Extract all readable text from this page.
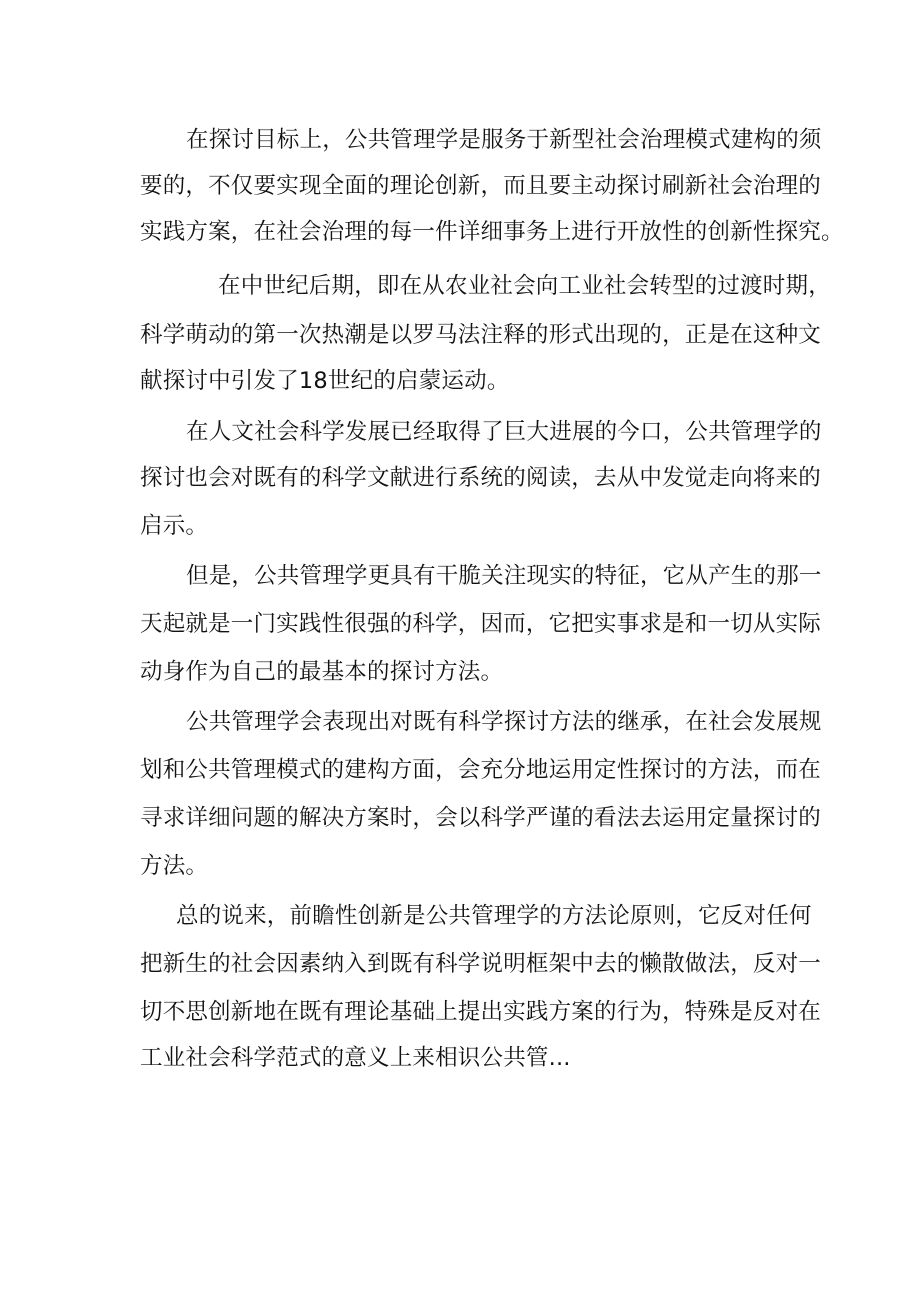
在探讨目标上，公共管理学是服务于新型社会治理模式建构的须
要的，不仅要实现全面的理论创新，而且要主动探讨刷新社会治理的
实践方案，在社会治理的每一件详细事务上进行开放性的创新性探究。
在中世纪后期，即在从农业社会向工业社会转型的过渡时期，
科学萌动的第一次热潮是以罗马法注释的形式出现的，正是在这种文
献探讨中引发了18世纪的启蒙运动。
在人文社会科学发展已经取得了巨大进展的今口，公共管理学的
探讨也会对既有的科学文献进行系统的阅读，去从中发觉走向将来的
启示。
但是，公共管理学更具有干脆关注现实的特征，它从产生的那一
天起就是一门实践性很强的科学，因而，它把实事求是和一切从实际
动身作为自己的最基本的探讨方法。
公共管理学会表现出对既有科学探讨方法的继承，在社会发展规
划和公共管理模式的建构方面，会充分地运用定性探讨的方法，而在
寻求详细问题的解决方案时，会以科学严谨的看法去运用定量探讨的
方法。
总的说来，前瞻性创新是公共管理学的方法论原则，它反对任何
把新生的社会因素纳入到既有科学说明框架中去的懒散做法，反对一
切不思创新地在既有理论基础上提出实践方案的行为，特殊是反对在
工业社会科学范式的意义上来相识公共管...
